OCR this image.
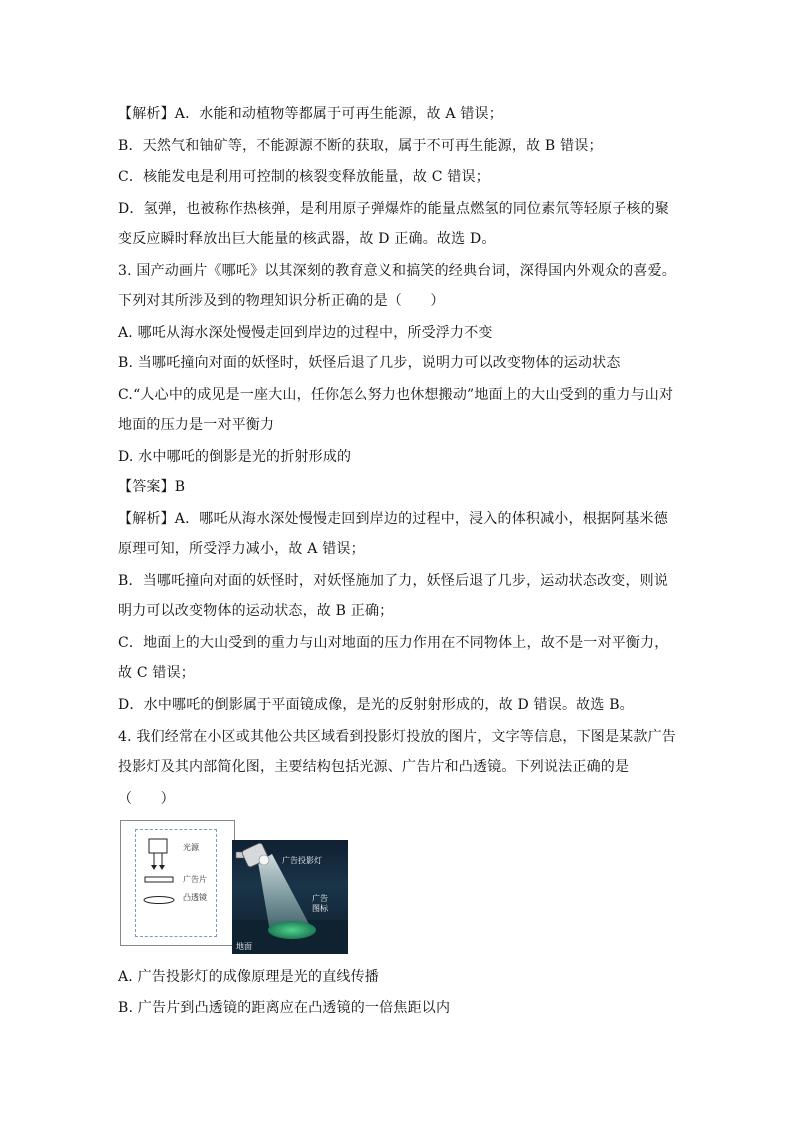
【解析】A．水能和动植物等都属于可再生能源，故 A 错误；
B．天然气和铀矿等，不能源源不断的获取，属于不可再生能源，故 B 错误；
C．核能发电是利用可控制的核裂变释放能量，故 C 错误；
D．氢弹，也被称作热核弹，是利用原子弹爆炸的能量点燃氢的同位素氘等轻原子核的聚
变反应瞬时释放出巨大能量的核武器，故 D 正确。故选 D。
3. 国产动画片《哪吒》以其深刻的教育意义和搞笑的经典台词，深得国内外观众的喜爱。
下列对其所涉及到的物理知识分析正确的是（　　）
A. 哪吒从海水深处慢慢走回到岸边的过程中，所受浮力不变
B. 当哪吒撞向对面的妖怪时，妖怪后退了几步，说明力可以改变物体的运动状态
C.“人心中的成见是一座大山，任你怎么努力也休想搬动”地面上的大山受到的重力与山对
地面的压力是一对平衡力
D. 水中哪吒的倒影是光的折射形成的
【答案】B
【解析】A．哪吒从海水深处慢慢走回到岸边的过程中，浸入的体积减小，根据阿基米德
原理可知，所受浮力减小，故 A 错误；
B．当哪吒撞向对面的妖怪时，对妖怪施加了力，妖怪后退了几步，运动状态改变，则说
明力可以改变物体的运动状态，故 B 正确；
C．地面上的大山受到的重力与山对地面的压力作用在不同物体上，故不是一对平衡力，
故 C 错误；
D．水中哪吒的倒影属于平面镜成像，是光的反射射形成的，故 D 错误。故选 B。
4. 我们经常在小区或其他公共区域看到投影灯投放的图片，文字等信息，下图是某款广告
投影灯及其内部简化图，主要结构包括光源、广告片和凸透镜。下列说法正确的是
（　　）
光源
广告片
凸透镜
广告投影灯
广告
图标
地面
A. 广告投影灯的成像原理是光的直线传播
B. 广告片到凸透镜的距离应在凸透镜的一倍焦距以内
